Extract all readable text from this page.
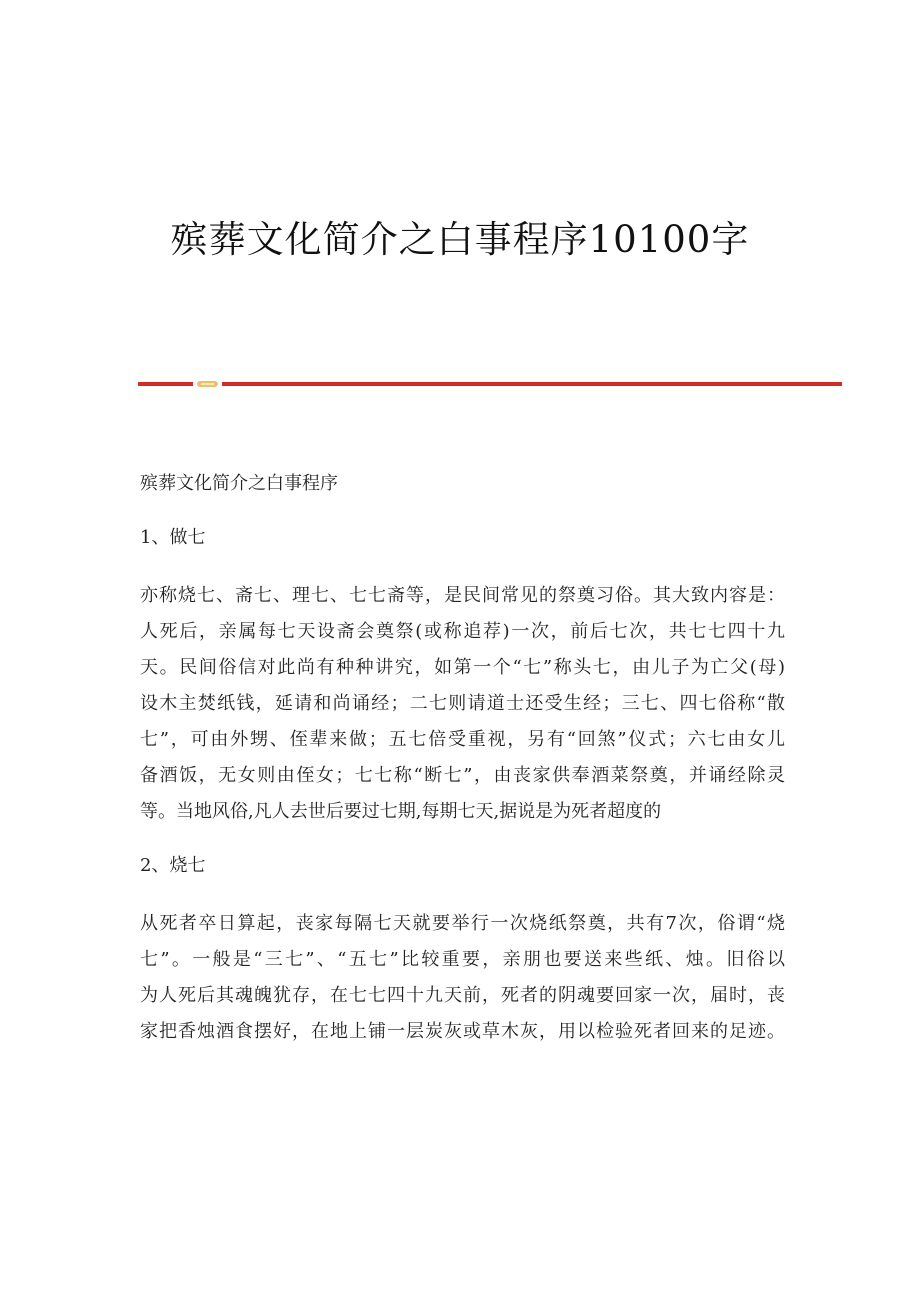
殡葬文化简介之白事程序10100字
殡葬文化简介之白事程序
1、做七
亦称烧七、斋七、理七、七七斋等，是民间常见的祭奠习俗。其大致内容是：
人死后，亲属每七天设斋会奠祭(或称追荐)一次，前后七次，共七七四十九
天。民间俗信对此尚有种种讲究，如第一个“七”称头七，由儿子为亡父(母)
设木主焚纸钱，延请和尚诵经；二七则请道士还受生经；三七、四七俗称“散
七”，可由外甥、侄辈来做；五七倍受重视，另有“回煞”仪式；六七由女儿
备酒饭，无女则由侄女；七七称“断七”，由丧家供奉酒菜祭奠，并诵经除灵
等。当地风俗,凡人去世后要过七期,每期七天,据说是为死者超度的
2、烧七
从死者卒日算起，丧家每隔七天就要举行一次烧纸祭奠，共有7次，俗谓“烧
七”。一般是“三七”、“五七”比较重要，亲朋也要送来些纸、烛。旧俗以
为人死后其魂魄犹存，在七七四十九天前，死者的阴魂要回家一次，届时，丧
家把香烛酒食摆好，在地上铺一层炭灰或草木灰，用以检验死者回来的足迹。
